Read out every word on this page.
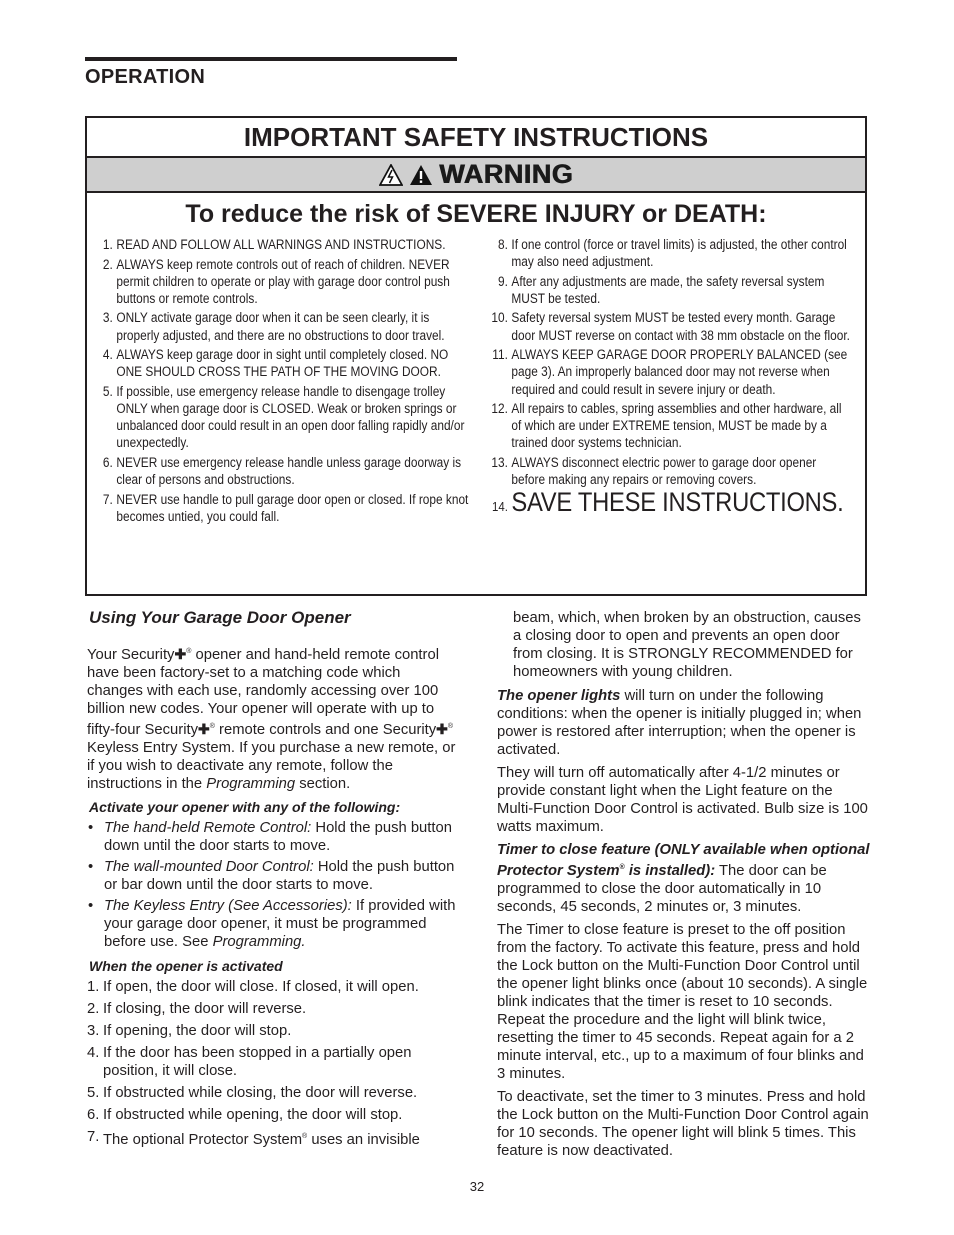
OPERATION
IMPORTANT SAFETY INSTRUCTIONS
WARNING
To reduce the risk of SEVERE INJURY or DEATH:
1. READ AND FOLLOW ALL WARNINGS AND INSTRUCTIONS.
2. ALWAYS keep remote controls out of reach of children. NEVER permit children to operate or play with garage door control push buttons or remote controls.
3. ONLY activate garage door when it can be seen clearly, it is properly adjusted, and there are no obstructions to door travel.
4. ALWAYS keep garage door in sight until completely closed. NO ONE SHOULD CROSS THE PATH OF THE MOVING DOOR.
5. If possible, use emergency release handle to disengage trolley ONLY when garage door is CLOSED. Weak or broken springs or unbalanced door could result in an open door falling rapidly and/or unexpectedly.
6. NEVER use emergency release handle unless garage doorway is clear of persons and obstructions.
7. NEVER use handle to pull garage door open or closed. If rope knot becomes untied, you could fall.
8. If one control (force or travel limits) is adjusted, the other control may also need adjustment.
9. After any adjustments are made, the safety reversal system MUST be tested.
10. Safety reversal system MUST be tested every month. Garage door MUST reverse on contact with 38 mm obstacle on the floor.
11. ALWAYS KEEP GARAGE DOOR PROPERLY BALANCED (see page 3). An improperly balanced door may not reverse when required and could result in severe injury or death.
12. All repairs to cables, spring assemblies and other hardware, all of which are under EXTREME tension, MUST be made by a trained door systems technician.
13. ALWAYS disconnect electric power to garage door opener before making any repairs or removing covers.
14. SAVE THESE INSTRUCTIONS.
Using Your Garage Door Opener

Your Security✚® opener and hand-held remote control have been factory-set to a matching code which changes with each use, randomly accessing over 100 billion new codes. Your opener will operate with up to fifty-four Security✚® remote controls and one Security✚® Keyless Entry System. If you purchase a new remote, or if you wish to deactivate any remote, follow the instructions in the Programming section.

Activate your opener with any of the following:
• The hand-held Remote Control: Hold the push button down until the door starts to move.
• The wall-mounted Door Control: Hold the push button or bar down until the door starts to move.
• The Keyless Entry (See Accessories): If provided with your garage door opener, it must be programmed before use. See Programming.
When the opener is activated
1. If open, the door will close. If closed, it will open.
2. If closing, the door will reverse.
3. If opening, the door will stop.
4. If the door has been stopped in a partially open position, it will close.
5. If obstructed while closing, the door will reverse.
6. If obstructed while opening, the door will stop.
7. The optional Protector System® uses an invisible
beam, which, when broken by an obstruction, causes a closing door to open and prevents an open door from closing. It is STRONGLY RECOMMENDED for homeowners with young children.

The opener lights will turn on under the following conditions: when the opener is initially plugged in; when power is restored after interruption; when the opener is activated.

They will turn off automatically after 4-1/2 minutes or provide constant light when the Light feature on the Multi-Function Door Control is activated. Bulb size is 100 watts maximum.

Timer to close feature (ONLY available when optional Protector System® is installed): The door can be programmed to close the door automatically in 10 seconds, 45 seconds, 2 minutes or, 3 minutes.

The Timer to close feature is preset to the off position from the factory. To activate this feature, press and hold the Lock button on the Multi-Function Door Control until the opener light blinks once (about 10 seconds). A single blink indicates that the timer is reset to 10 seconds. Repeat the procedure and the light will blink twice, resetting the timer to 45 seconds. Repeat again for a 2 minute interval, etc., up to a maximum of four blinks and 3 minutes.

To deactivate, set the timer to 3 minutes. Press and hold the Lock button on the Multi-Function Door Control again for 10 seconds. The opener light will blink 5 times. This feature is now deactivated.

32
